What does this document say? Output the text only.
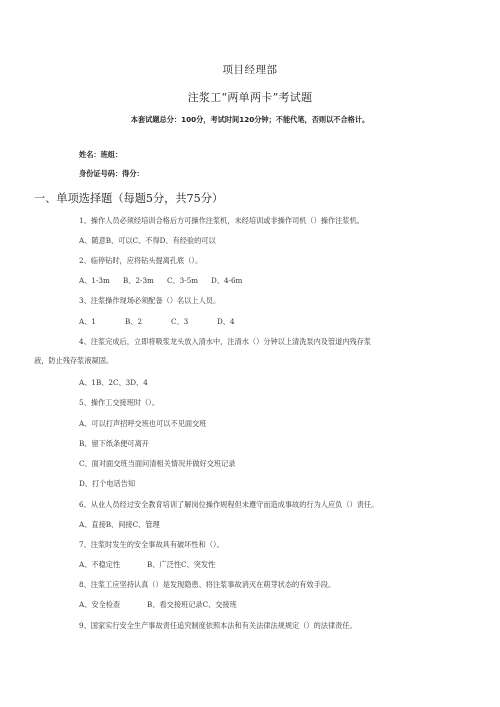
项目经理部
注浆工“两单两卡”考试题
本套试题总分：100分，考试时间120分钟；不能代笔，否则以不合格计。
姓名：班组：
身份证号码：得分：
一、单项选择题（每题5分，共75分）
1、操作人员必须经培训合格后方可操作注浆机，未经培训或非操作司机（）操作注浆机。
A、随意B、可以C、不得D、有经验的可以
2、临停钻时，应将钻头提离孔底（）。
A、1-3m B、2-3m C、3-5m D、4-6m
3、注浆操作现场必须配备（）名以上人员。
A、1	B、2	C、3	D、4
4、注浆完成后，立即将吸浆龙头放入清水中，注清水（）分钟以上清洗泵内及管道内残存浆
液，防止残存浆液凝固。
A、1B、2C、3D、4
5、操作工交接班时（）。
A、可以打声招呼交班也可以不见面交班
B、留下纸条便可离开
C、面对面交班当面问清相关情况并做好交班记录
D、打个电话告知
6、从业人员经过安全教育培训了解岗位操作规程但未遵守而造成事故的行为人应负（）责任。
A、直接B、间接C、管理
7、注浆时发生的安全事故具有破坏性和（）。
A、不稳定性	B、广泛性C、突发性
8、注浆工应坚持认真（）是发现隐患、将注浆事故消灭在萌芽状态的有效手段。
A、安全检查	B、看交接班记录C、交接班
9、国家实行安全生产事故责任追究制度依照本法和有关法律法规规定（）的法律责任。
